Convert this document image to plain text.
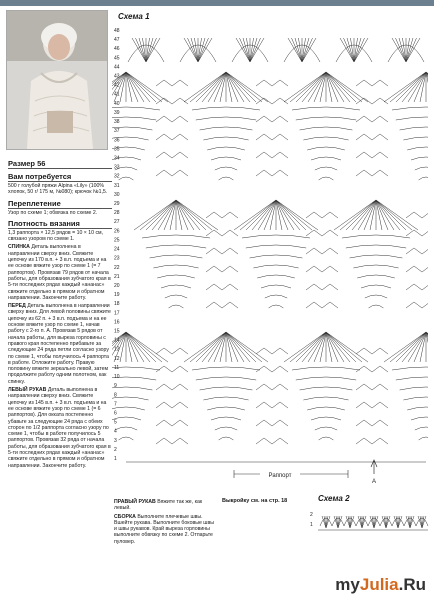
Размер 56
Вам потребуется
500 г голубой пряжи Alpina «Lily» (100% хлопок, 50 г/ 175 м, №080); крючок №1,5.
Переплетение
Узор по схеме 1; обвязка по схеме 2.
Плотность вязания
1,3 раппорта × 12,5 рядов = 10 × 10 см, связано узором по схеме 1.
СПИНКА Деталь выполнена в направлении сверху вниз. Свяжите цепочку из 170 в.п. + 3 в.п. подъема и на ее основе вяжите узор по схеме 1 (= 7 раппортов). Провязав 79 рядов от начала работы, для образования зубчатого края в 5-ти последних рядах каждый «ананас» свяжите отдельно в прямом и обратном направлении. Закончите работу.
ПЕРЕД Деталь выполнена в направлении сверху вниз. Для левой половины свяжите цепочку из 62 п. + 3 в.п. подъема и на ее основе вяжите узор по схеме 1, начав работу с 2-го п. А. Провязав 5 рядов от начала работы, для выреза горловины с правого края постепенно прибавьте за следующие 24 ряда петли согласно узору по схеме 1, чтобы получилось 4 раппорта в работе. Отложите работу. Правую половину вяжите зеркально левой, затем продолжите работу одним полотном, как спинку.
ЛЕВЫЙ РУКАВ Деталь выполнена в направлении сверху вниз. Свяжите цепочку из 145 в.п. + 3 в.п. подъема и на ее основе вяжите узор по схеме 1 (= 6 раппортов). Для окката постепенно убавьте за следующие 24 ряда с обеих сторон по 1/2 раппорта согласно узору по схеме 1, чтобы в работе получилось 5 раппортов. Провязав 32 ряда от начала работы, для образования зубчатого края в 5-ти последних рядах каждый «ананас» свяжите отдельно в прямом и обратном направлении. Закончите работу.
ПРАВЫЙ РУКАВ Вяжите так же, как левый.
СБОРКА Выполните плечевые швы. Вшейте рукава. Выполните боковые швы и швы рукавов. Край выреза горловины выполните обвязку по схеме 2. Отпарьте пуловер.
Выкройку см. на стр. 18
Схема 1
1
2
3
4
5
6
7
8
9
10
11
12
13
14
15
16
17
18
19
20
21
22
23
24
25
26
27
28
29
30
31
32
33
34
35
36
37
38
39
40
41
42
43
44
45
46
47
48
Раппорт
А
Схема 2
2
1
myJulia.Ru
